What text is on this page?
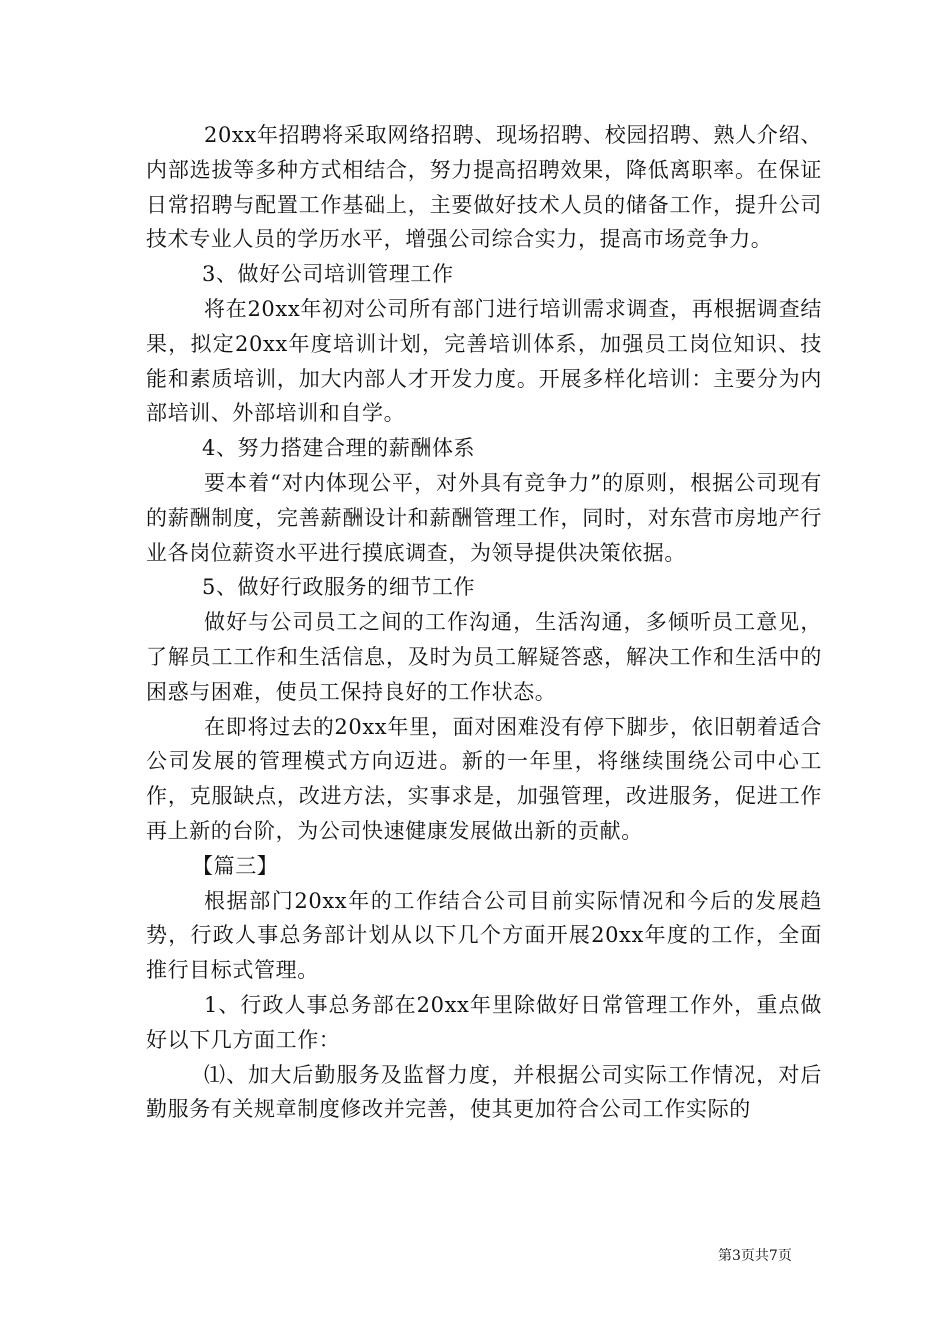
20xx年招聘将采取网络招聘、现场招聘、校园招聘、熟人介绍、内部选拔等多种方式相结合，努力提高招聘效果，降低离职率。在保证日常招聘与配置工作基础上，主要做好技术人员的储备工作，提升公司技术专业人员的学历水平，增强公司综合实力，提高市场竞争力。

3、做好公司培训管理工作

将在20xx年初对公司所有部门进行培训需求调查，再根据调查结果，拟定20xx年度培训计划，完善培训体系，加强员工岗位知识、技能和素质培训，加大内部人才开发力度。开展多样化培训：主要分为内部培训、外部培训和自学。

4、努力搭建合理的薪酬体系

要本着“对内体现公平，对外具有竞争力”的原则，根据公司现有的薪酬制度，完善薪酬设计和薪酬管理工作，同时，对东营市房地产行业各岗位薪资水平进行摸底调查，为领导提供决策依据。

5、做好行政服务的细节工作

做好与公司员工之间的工作沟通，生活沟通，多倾听员工意见，了解员工工作和生活信息，及时为员工解疑答惑，解决工作和生活中的困惑与困难，使员工保持良好的工作状态。

在即将过去的20xx年里，面对困难没有停下脚步，依旧朝着适合公司发展的管理模式方向迈进。新的一年里，将继续围绕公司中心工作，克服缺点，改进方法，实事求是，加强管理，改进服务，促进工作再上新的台阶，为公司快速健康发展做出新的贡献。

【篇三】

根据部门20xx年的工作结合公司目前实际情况和今后的发展趋势，行政人事总务部计划从以下几个方面开展20xx年度的工作，全面推行目标式管理。

1、行政人事总务部在20xx年里除做好日常管理工作外，重点做好以下几方面工作：

⑴、加大后勤服务及监督力度，并根据公司实际工作情况，对后勤服务有关规章制度修改并完善，使其更加符合公司工作实际的

第3页共7页
